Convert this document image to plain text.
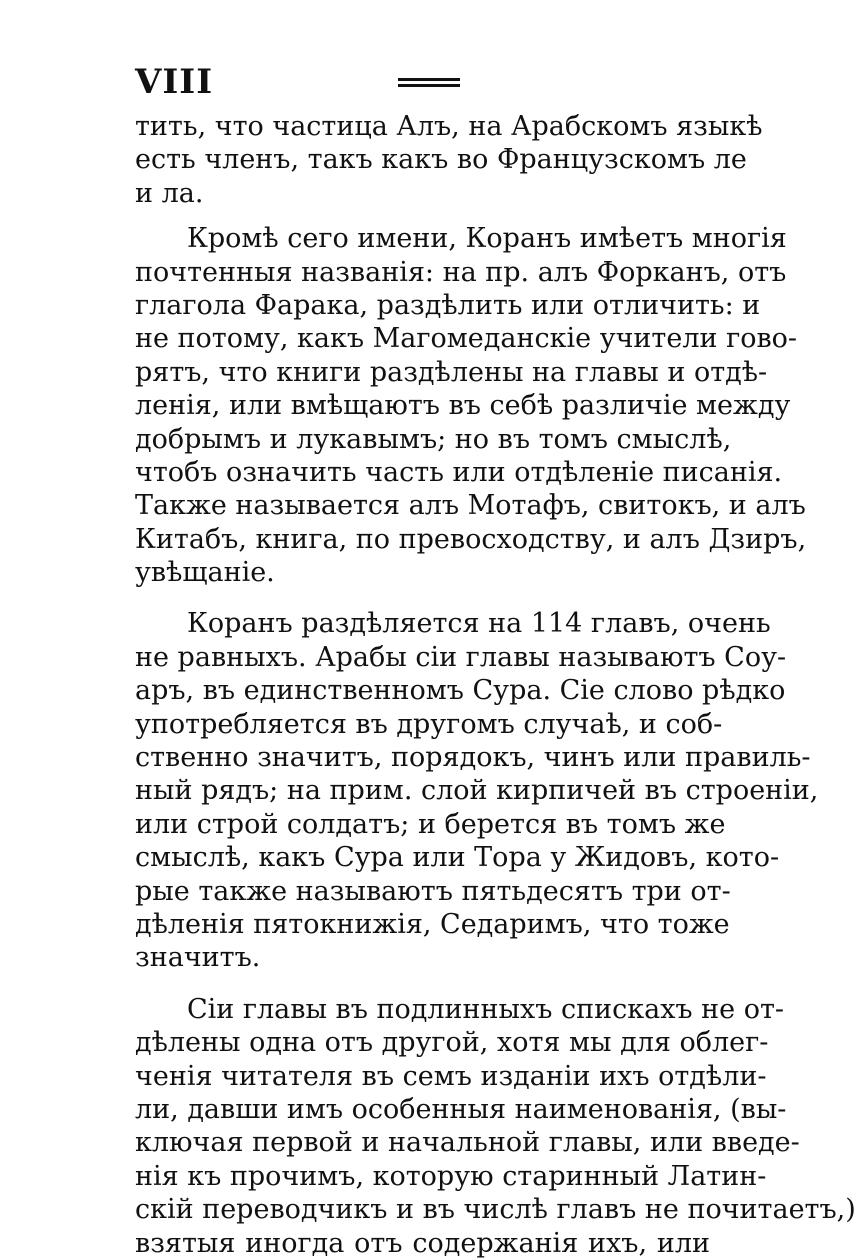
VIII
тить, что частица Алъ, на Арабскомъ языкѣ
есть членъ, такъ какъ во Французскомъ ле
и ла.
Кромѣ сего имени, Коранъ имѣетъ многія
почтенныя названія: на пр. алъ Форканъ, отъ
глагола Фарака, раздѣлить или отличить: и
не потому, какъ Магомеданскіе учители гово-
рятъ, что книги раздѣлены на главы и отдѣ-
ленія, или вмѣщаютъ въ себѣ различіе между
добрымъ и лукавымъ; но въ томъ смыслѣ,
чтобъ означить часть или отдѣленіе писанія.
Также называется алъ Мотафъ, свитокъ, и алъ
Китабъ, книга, по превосходству, и алъ Дзиръ,
увѣщаніе.
Коранъ раздѣляется на 114 главъ, очень
не равныхъ. Арабы сіи главы называютъ Соу-
аръ, въ единственномъ Сура. Сіе слово рѣдко
употребляется въ другомъ случаѣ, и соб-
ственно значитъ, порядокъ, чинъ или правиль-
ный рядъ; на прим. слой кирпичей въ строеніи,
или строй солдатъ; и берется въ томъ же
смыслѣ, какъ Сура или Тора у Жидовъ, кото-
рые также называютъ пятьдесятъ три от-
дѣленія пятокнижія, Седаримъ, что тоже
значитъ.
Сіи главы въ подлинныхъ спискахъ не от-
дѣлены одна отъ другой, хотя мы для облег-
ченія читателя въ семъ изданіи ихъ отдѣли-
ли, давши имъ особенныя наименованія, (вы-
ключая первой и начальной главы, или введе-
нія къ прочимъ, которую старинный Латин-
скій переводчикъ и въ числѣ главъ не почитаетъ,)
взятыя иногда отъ содержанія ихъ, или
